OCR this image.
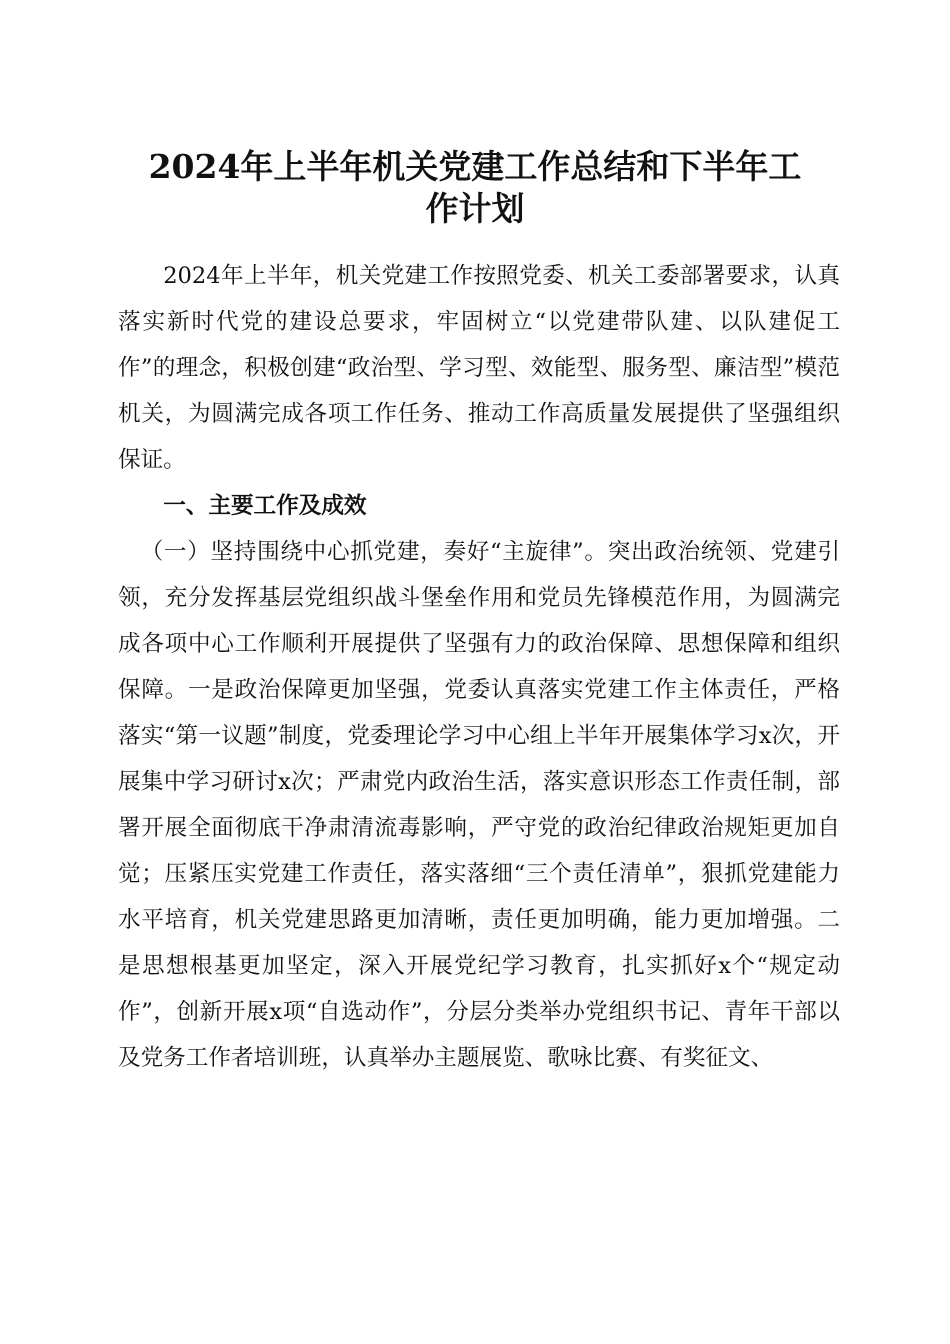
2024年上半年机关党建工作总结和下半年工
作计划

2024年上半年，机关党建工作按照党委、机关工委部署要求，认真落实新时代党的建设总要求，牢固树立“以党建带队建、以队建促工作”的理念，积极创建“政治型、学习型、效能型、服务型、廉洁型”模范机关，为圆满完成各项工作任务、推动工作高质量发展提供了坚强组织保证。

一、主要工作及成效

（一）坚持围绕中心抓党建，奏好“主旋律”。突出政治统领、党建引领，充分发挥基层党组织战斗堡垒作用和党员先锋模范作用，为圆满完成各项中心工作顺利开展提供了坚强有力的政治保障、思想保障和组织保障。一是政治保障更加坚强，党委认真落实党建工作主体责任，严格落实“第一议题”制度，党委理论学习中心组上半年开展集体学习x次，开展集中学习研讨x次；严肃党内政治生活，落实意识形态工作责任制，部署开展全面彻底干净肃清流毒影响，严守党的政治纪律政治规矩更加自觉；压紧压实党建工作责任，落实落细“三个责任清单”，狠抓党建能力水平培育，机关党建思路更加清晰，责任更加明确，能力更加增强。二是思想根基更加坚定，深入开展党纪学习教育，扎实抓好x个“规定动作”，创新开展x项“自选动作”，分层分类举办党组织书记、青年干部以及党务工作者培训班，认真举办主题展览、歌咏比赛、有奖征文、
